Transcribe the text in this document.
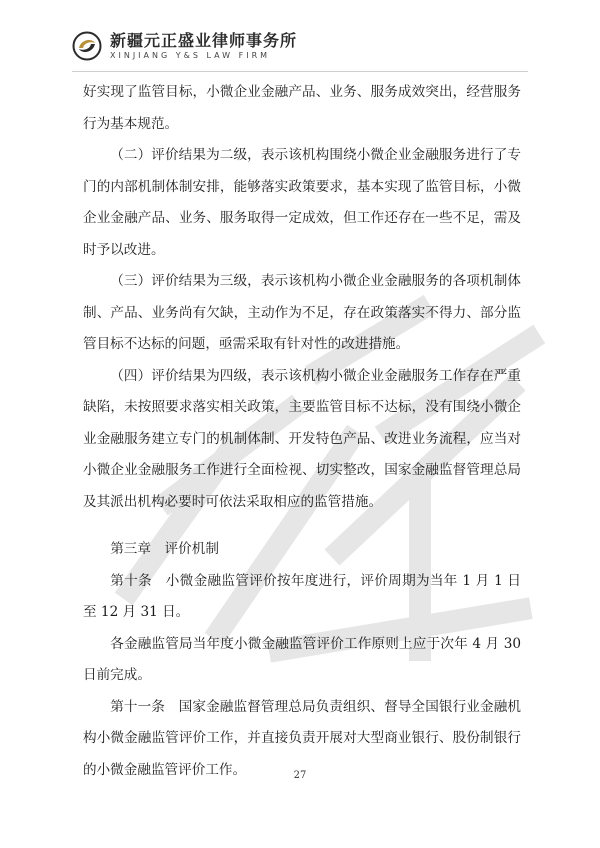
新疆元正盛业律师事务所
XINJIANG Y&S LAW FIRM

好实现了监管目标，小微企业金融产品、业务、服务成效突出，经营服务行为基本规范。

（二）评价结果为二级，表示该机构围绕小微企业金融服务进行了专门的内部机制体制安排，能够落实政策要求，基本实现了监管目标，小微企业金融产品、业务、服务取得一定成效，但工作还存在一些不足，需及时予以改进。

（三）评价结果为三级，表示该机构小微企业金融服务的各项机制体制、产品、业务尚有欠缺，主动作为不足，存在政策落实不得力、部分监管目标不达标的问题，亟需采取有针对性的改进措施。

（四）评价结果为四级，表示该机构小微企业金融服务工作存在严重缺陷，未按照要求落实相关政策，主要监管目标不达标，没有围绕小微企业金融服务建立专门的机制体制、开发特色产品、改进业务流程，应当对小微企业金融服务工作进行全面检视、切实整改，国家金融监督管理总局及其派出机构必要时可依法采取相应的监管措施。

第三章　评价机制

第十条　小微金融监管评价按年度进行，评价周期为当年 1 月 1 日至 12 月 31 日。

各金融监管局当年度小微金融监管评价工作原则上应于次年 4 月 30 日前完成。

第十一条　国家金融监督管理总局负责组织、督导全国银行业金融机构小微金融监管评价工作，并直接负责开展对大型商业银行、股份制银行的小微金融监管评价工作。	27
